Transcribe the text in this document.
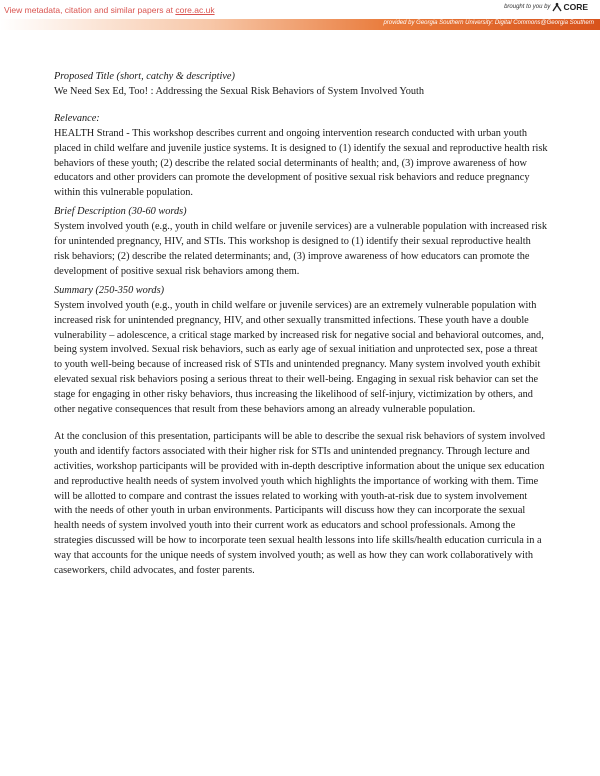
View metadata, citation and similar papers at core.ac.uk	brought to you by CORE
provided by Georgia Southern University: Digital Commons@Georgia Southern

Proposed Title (short, catchy & descriptive)

We Need Sex Ed, Too! : Addressing the Sexual Risk Behaviors of System Involved Youth

Relevance:

HEALTH Strand - This workshop describes current and ongoing intervention research conducted with urban youth placed in child welfare and juvenile justice systems. It is designed to (1) identify the sexual and reproductive health risk behaviors of these youth; (2) describe the related social determinants of health; and, (3) improve awareness of how educators and other providers can promote the development of positive sexual risk behaviors and reduce pregnancy within this vulnerable population.

Brief Description (30-60 words)

System involved youth (e.g., youth in child welfare or juvenile services) are a vulnerable population with increased risk for unintended pregnancy, HIV, and STIs. This workshop is designed to (1) identify their sexual reproductive health risk behaviors; (2) describe the related determinants; and, (3) improve awareness of how educators can promote the development of positive sexual risk behaviors among them.

Summary (250-350 words)

System involved youth (e.g., youth in child welfare or juvenile services) are an extremely vulnerable population with increased risk for unintended pregnancy, HIV, and other sexually transmitted infections. These youth have a double vulnerability – adolescence, a critical stage marked by increased risk for negative social and behavioral outcomes, and, being system involved. Sexual risk behaviors, such as early age of sexual initiation and unprotected sex, pose a threat to youth well-being because of increased risk of STIs and unintended pregnancy. Many system involved youth exhibit elevated sexual risk behaviors posing a serious threat to their well-being. Engaging in sexual risk behavior can set the stage for engaging in other risky behaviors, thus increasing the likelihood of self-injury, victimization by others, and other negative consequences that result from these behaviors among an already vulnerable population.

At the conclusion of this presentation, participants will be able to describe the sexual risk behaviors of system involved youth and identify factors associated with their higher risk for STIs and unintended pregnancy. Through lecture and activities, workshop participants will be provided with in-depth descriptive information about the unique sex education and reproductive health needs of system involved youth which highlights the importance of working with them. Time will be allotted to compare and contrast the issues related to working with youth-at-risk due to system involvement with the needs of other youth in urban environments. Participants will discuss how they can incorporate the sexual health needs of system involved youth into their current work as educators and school professionals. Among the strategies discussed will be how to incorporate teen sexual health lessons into life skills/health education curricula in a way that accounts for the unique needs of system involved youth; as well as how they can work collaboratively with caseworkers, child advocates, and foster parents.
